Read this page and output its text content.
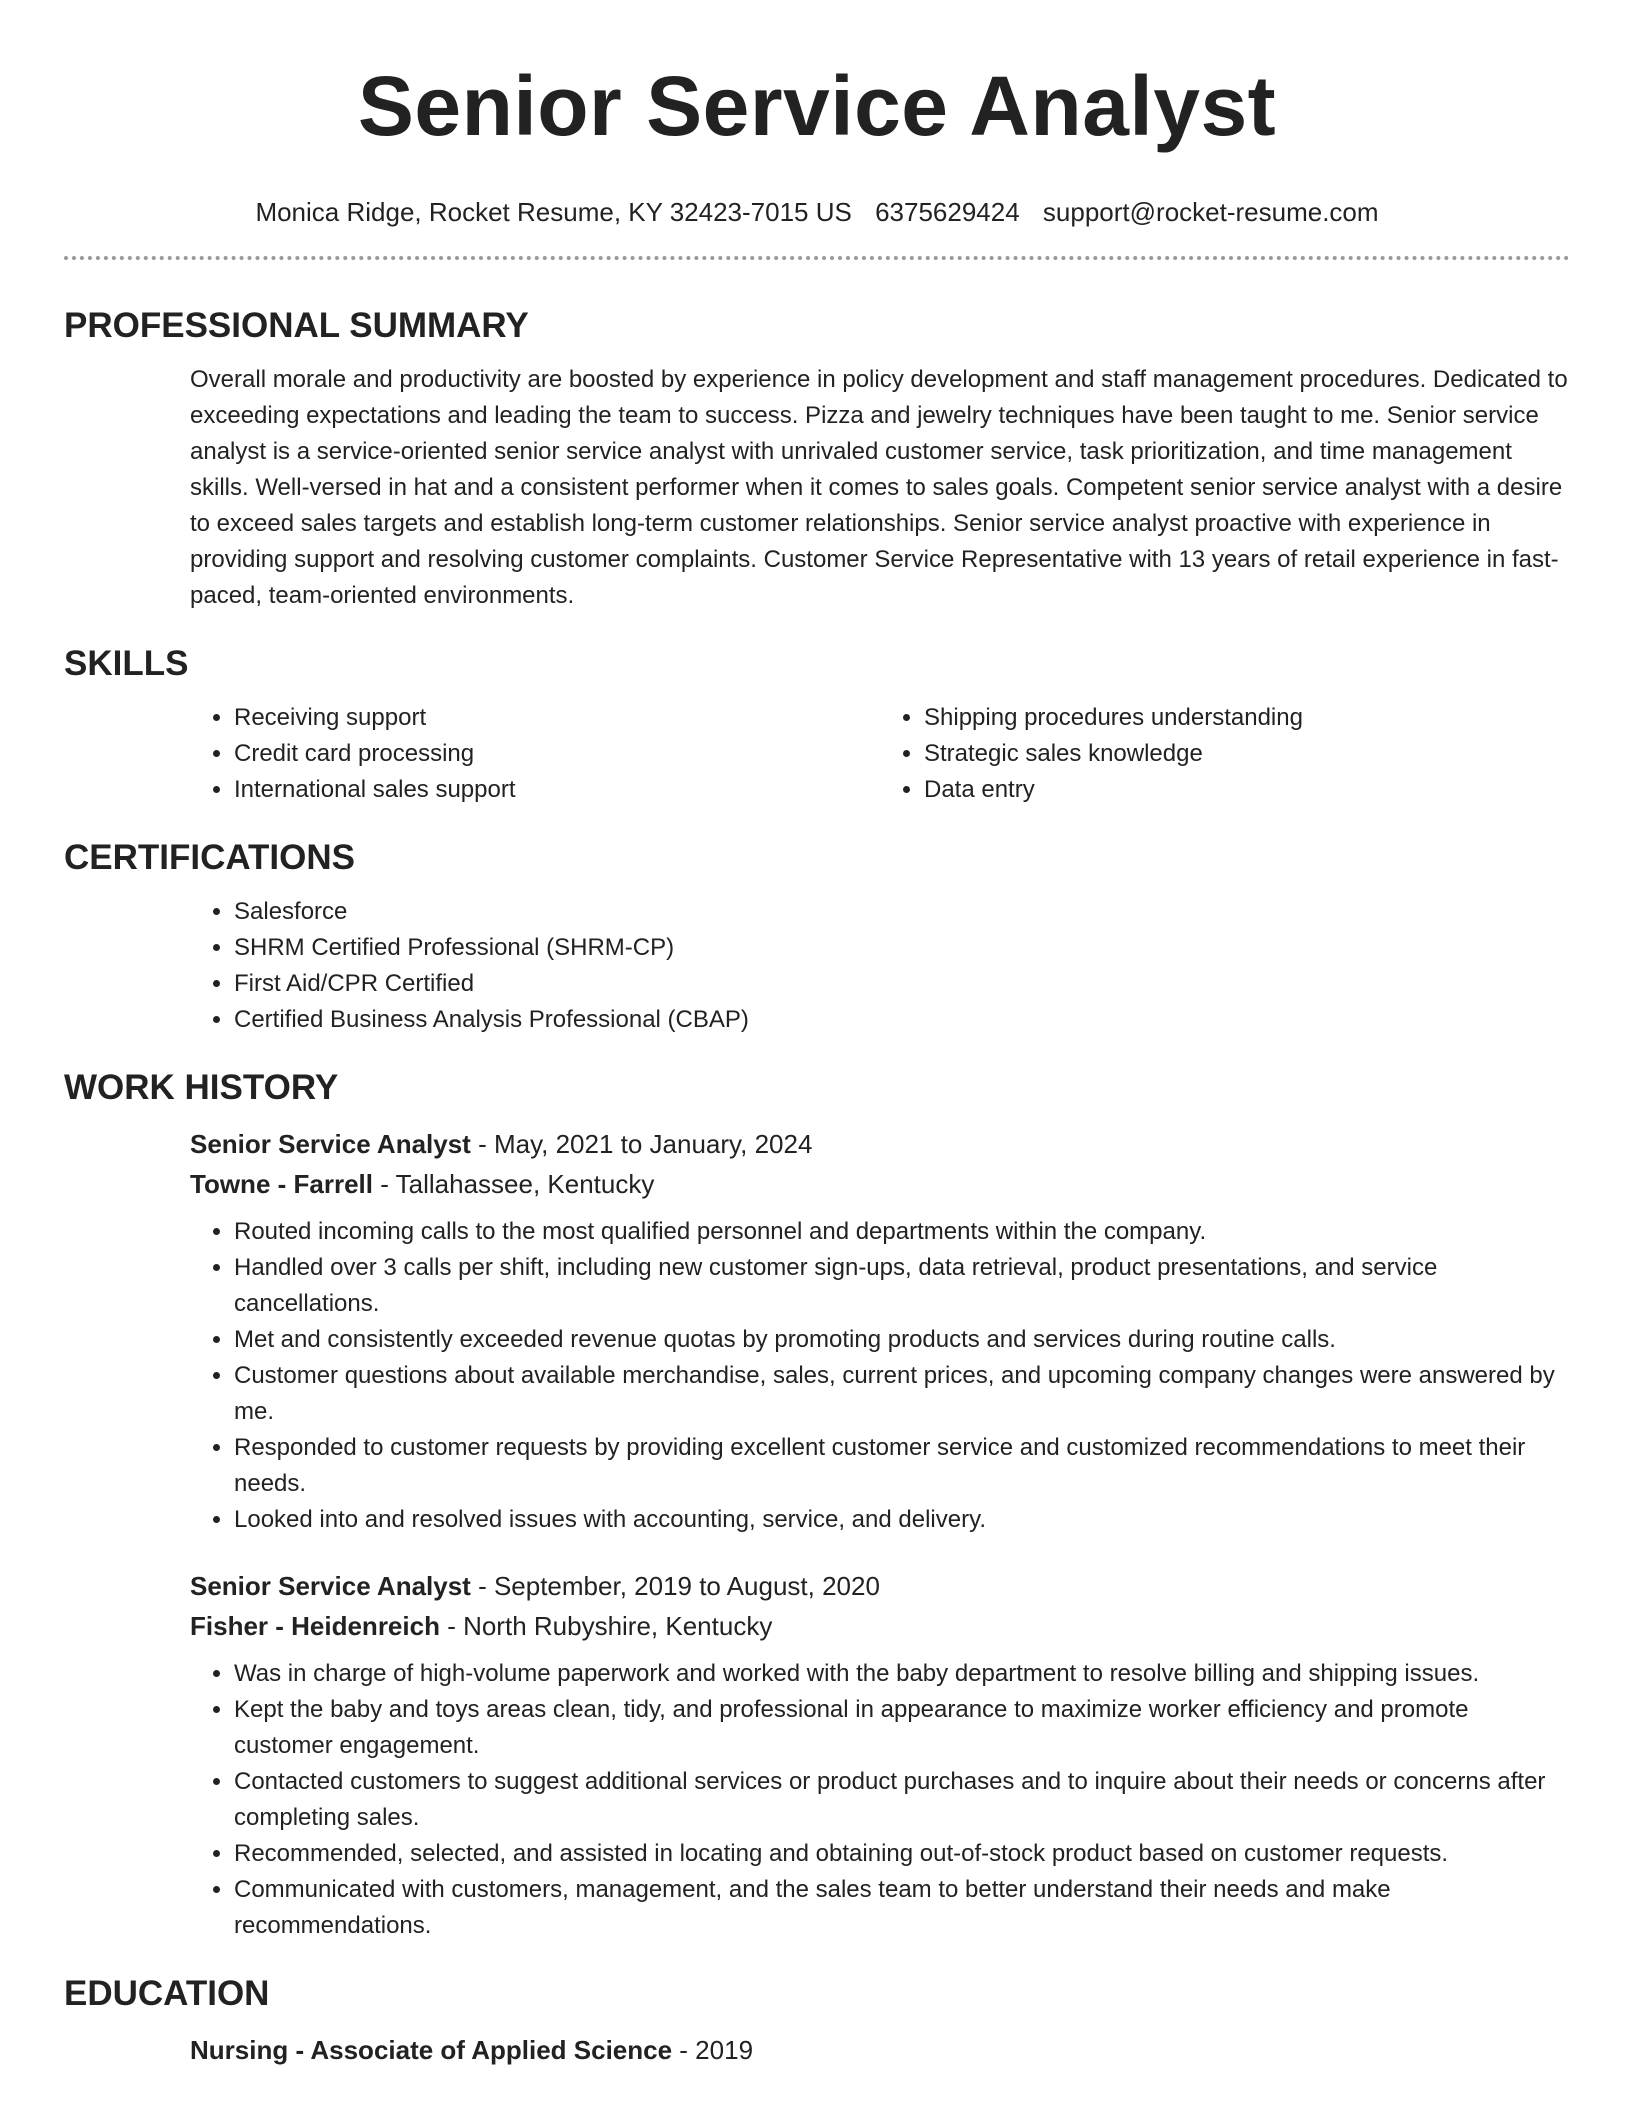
Senior Service Analyst
Monica Ridge, Rocket Resume, KY 32423-7015 US 6375629424 support@rocket-resume.com
PROFESSIONAL SUMMARY

Overall morale and productivity are boosted by experience in policy development and staff management procedures. Dedicated to exceeding expectations and leading the team to success. Pizza and jewelry techniques have been taught to me. Senior service analyst is a service-oriented senior service analyst with unrivaled customer service, task prioritization, and time management skills. Well-versed in hat and a consistent performer when it comes to sales goals. Competent senior service analyst with a desire to exceed sales targets and establish long-term customer relationships. Senior service analyst proactive with experience in providing support and resolving customer complaints. Customer Service Representative with 13 years of retail experience in fast-paced, team-oriented environments.

SKILLS
• Receiving support
• Credit card processing
• International sales support
• Shipping procedures understanding
• Strategic sales knowledge
• Data entry
CERTIFICATIONS
• Salesforce
• SHRM Certified Professional (SHRM-CP)
• First Aid/CPR Certified
• Certified Business Analysis Professional (CBAP)
WORK HISTORY
Senior Service Analyst - May, 2021 to January, 2024
Towne - Farrell - Tallahassee, Kentucky
• Routed incoming calls to the most qualified personnel and departments within the company.
• Handled over 3 calls per shift, including new customer sign-ups, data retrieval, product presentations, and service cancellations.
• Met and consistently exceeded revenue quotas by promoting products and services during routine calls.
• Customer questions about available merchandise, sales, current prices, and upcoming company changes were answered by me.
• Responded to customer requests by providing excellent customer service and customized recommendations to meet their needs.
• Looked into and resolved issues with accounting, service, and delivery.
Senior Service Analyst - September, 2019 to August, 2020
Fisher - Heidenreich - North Rubyshire, Kentucky
• Was in charge of high-volume paperwork and worked with the baby department to resolve billing and shipping issues.
• Kept the baby and toys areas clean, tidy, and professional in appearance to maximize worker efficiency and promote customer engagement.
• Contacted customers to suggest additional services or product purchases and to inquire about their needs or concerns after completing sales.
• Recommended, selected, and assisted in locating and obtaining out-of-stock product based on customer requests.
• Communicated with customers, management, and the sales team to better understand their needs and make recommendations.
EDUCATION
Nursing - Associate of Applied Science - 2019
